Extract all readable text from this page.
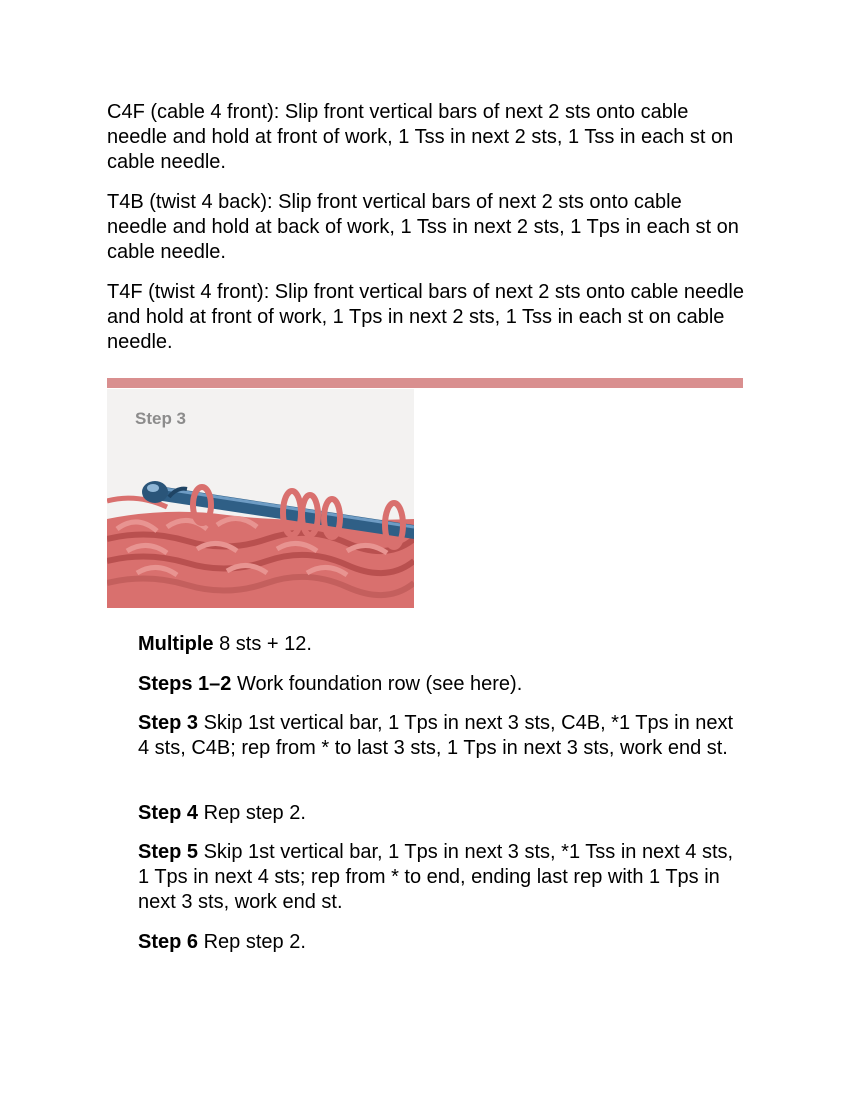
C4F (cable 4 front): Slip front vertical bars of next 2 sts onto cable needle and hold at front of work, 1 Tss in next 2 sts, 1 Tss in each st on cable needle.

T4B (twist 4 back): Slip front vertical bars of next 2 sts onto cable needle and hold at back of work, 1 Tss in next 2 sts, 1 Tps in each st on cable needle.

T4F (twist 4 front): Slip front vertical bars of next 2 sts onto cable needle and hold at front of work, 1 Tps in next 2 sts, 1 Tss in each st on cable needle.

Step 3

Multiple 8 sts + 12.

Steps 1–2 Work foundation row (see here).

Step 3 Skip 1st vertical bar, 1 Tps in next 3 sts, C4B, *1 Tps in next 4 sts, C4B; rep from * to last 3 sts, 1 Tps in next 3 sts, work end st.

Step 4 Rep step 2.

Step 5 Skip 1st vertical bar, 1 Tps in next 3 sts, *1 Tss in next 4 sts, 1 Tps in next 4 sts; rep from * to end, ending last rep with 1 Tps in next 3 sts, work end st.

Step 6 Rep step 2.
